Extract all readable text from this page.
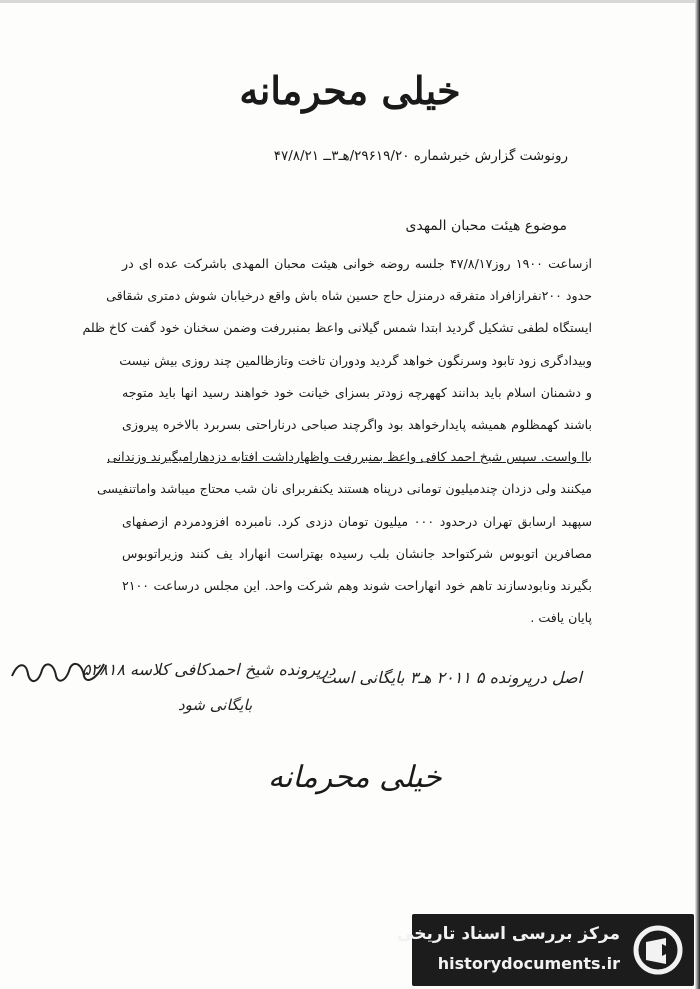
خیلی محرمانه
رونوشت گزارش خبرشماره ۲۹۶۱۹/۲۰/هـ۳ــ ۴۷/۸/۲۱
موضوع هیئت محبان المهدی
ازساعت ۱۹۰۰ روز۴۷/۸/۱۷ جلسه روضه خوانی هیئت محبان المهدی باشرکت عده ای در
حدود ۲۰۰نفرازافراد متفرقه درمنزل حاج حسین شاه باش واقع درخیابان شوش دمتری شقاقی
ایستگاه لطفی تشکیل گردید ابتدا شمس گیلانی واعظ بمنبررفت وضمن سخنان خود گفت کاخ ظلم
وبیدادگری زود تابود وسرنگون خواهد گردید ودوران تاخت وتازظالمین چند روزی بیش نیست
و دشمنان اسلام باید بدانند کههرچه زودتر بسزای خیانت خود خواهند رسید انها باید متوجه
باشند کهمظلوم همیشه پایدارخواهد بود واگرچند صباحی درناراحتی بسربرد بالاخره پیروزی
باا واست. سپس شیخ احمد کافی واعظ بمنبررفت واظهارداشت افتابه دزدهارامیگیرند وزندانی
میکنند ولی دزدان چندمیلیون تومانی درپناه هستند یکنفربرای نان شب محتاج میباشد واماتنفیسی
سپهبد ارسابق تهران درحدود ۰۰۰ میلیون تومان دزدی کرد. نامبرده افزودمردم ازصفهای
مصافرین اتوبوس شرکتواحد جانشان بلب رسیده بهتراست انهاراد یف کنند وزیراتوبوس
بگیرند ونابودسازند تاهم خود انهاراحت شوند وهم شرکت واحد. این مجلس درساعت ۲۱۰۰
پایان یافت .
درپرونده شیخ احمدکافی کلاسه ۵۲۸۱۸
بایگانی شود
اصل درپرونده ۵ ۲۰۱۱ هـ۳ بایگانی است
خیلی محرمانه
مرکز بررسی اسناد تاریخی
historydocuments.ir
